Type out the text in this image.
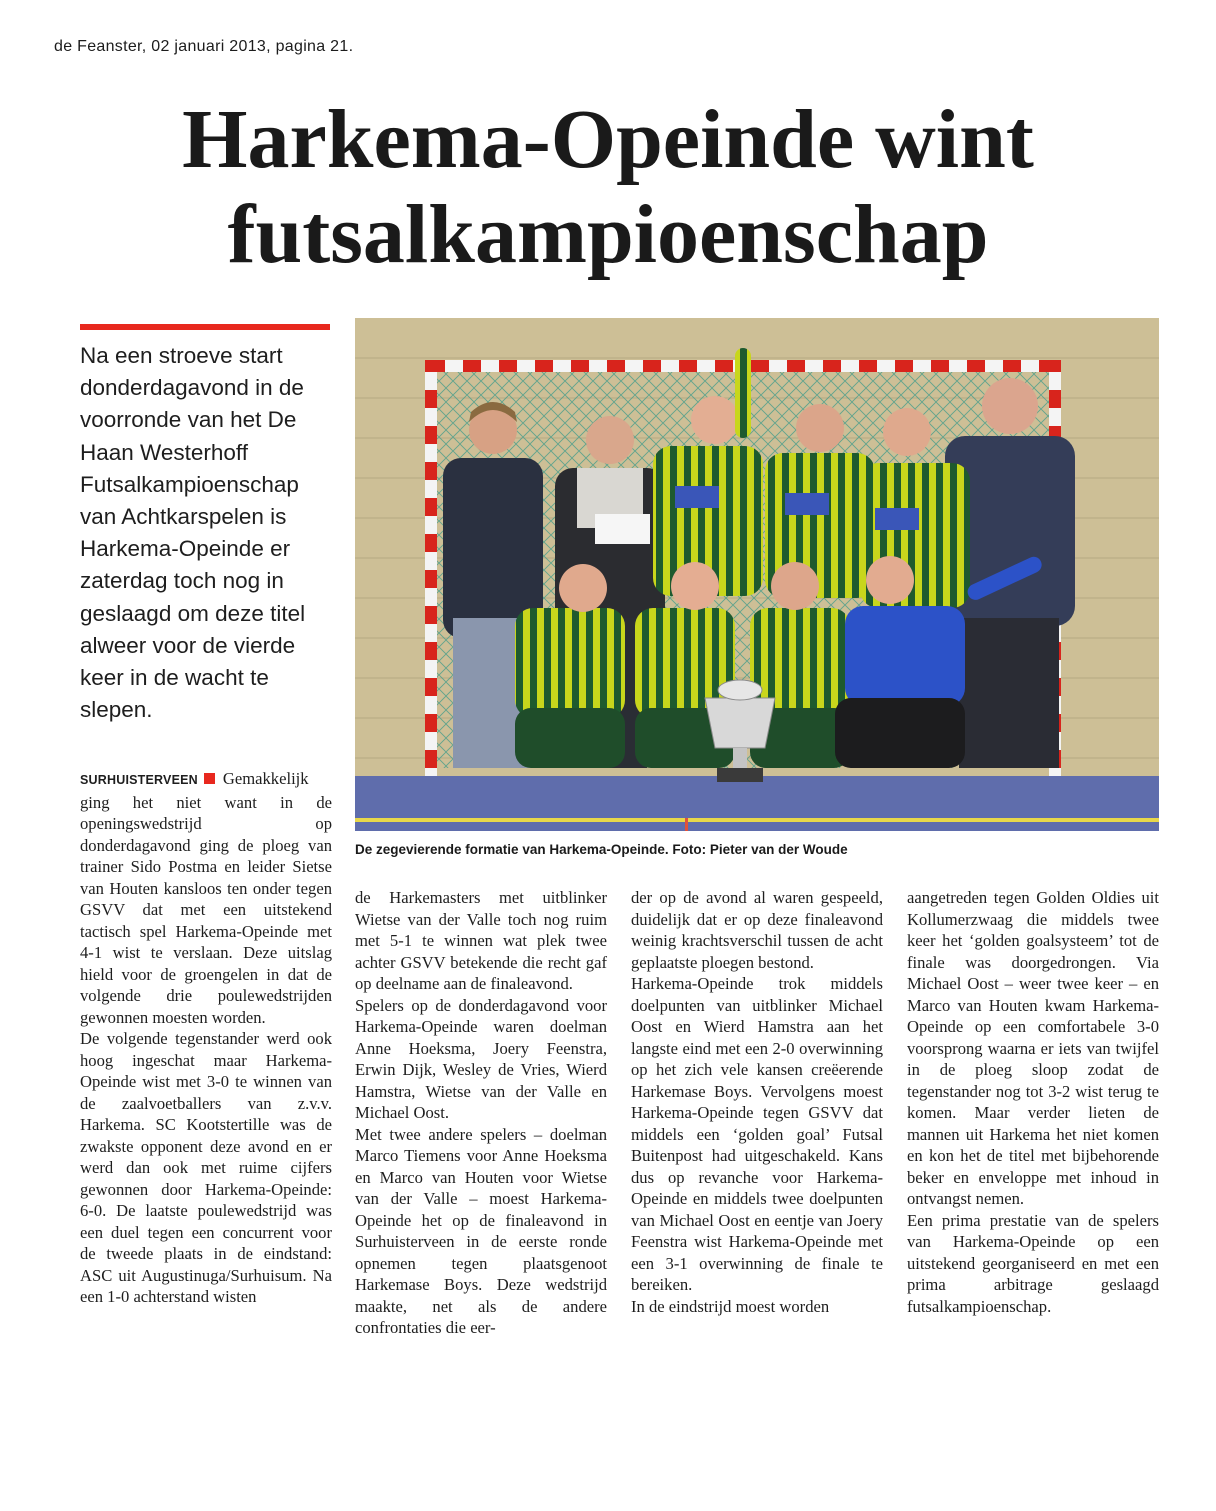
de Feanster, 02 januari 2013, pagina 21.
Harkema-Opeinde wint
futsalkampioenschap
Na een stroeve start donderdagavond in de voorronde van het De Haan Westerhoff Futsalkampioenschap van Achtkarspelen is Harkema-Opeinde er zaterdag toch nog in geslaagd om deze titel alweer voor de vierde keer in de wacht te slepen.
De zegevierende formatie van Harkema-Opeinde. Foto: Pieter van der Woude

SURHUISTERVEEN Gemakkelijk ging het niet want in de openingswedstrijd op donderdagavond ging de ploeg van trainer Sido Postma en leider Sietse van Houten kansloos ten onder tegen GSVV dat met een uitstekend tactisch spel Harkema-Opeinde met 4-1 wist te verslaan. Deze uitslag hield voor de groengelen in dat de volgende drie poulewedstrijden gewonnen moesten worden.

De volgende tegenstander werd ook hoog ingeschat maar Harkema-Opeinde wist met 3-0 te winnen van de zaalvoetballers van z.v.v. Harkema. SC Kootstertille was de zwakste opponent deze avond en er werd dan ook met ruime cijfers gewonnen door Harkema-Opeinde: 6-0. De laatste poulewedstrijd was een duel tegen een concurrent voor de tweede plaats in de eindstand: ASC uit Augustinuga/Surhuisum. Na een 1-0 achterstand wisten

de Harkemasters met uitblinker Wietse van der Valle toch nog ruim met 5-1 te winnen wat plek twee achter GSVV betekende die recht gaf op deelname aan de finaleavond.

Spelers op de donderdagavond voor Harkema-Opeinde waren doelman Anne Hoeksma, Joery Feenstra, Erwin Dijk, Wesley de Vries, Wierd Hamstra, Wietse van der Valle en Michael Oost.

Met twee andere spelers – doelman Marco Tiemens voor Anne Hoeksma en Marco van Houten voor Wietse van der Valle – moest Harkema-Opeinde het op de finaleavond in Surhuisterveen in de eerste ronde opnemen tegen plaatsgenoot Harkemase Boys. Deze wedstrijd maakte, net als de andere confrontaties die eer-

der op de avond al waren gespeeld, duidelijk dat er op deze finaleavond weinig krachtsverschil tussen de acht geplaatste ploegen bestond.

Harkema-Opeinde trok middels doelpunten van uitblinker Michael Oost en Wierd Hamstra aan het langste eind met een 2-0 overwinning op het zich vele kansen creëerende Harkemase Boys. Vervolgens moest Harkema-Opeinde tegen GSVV dat middels een ‘golden goal’ Futsal Buitenpost had uitgeschakeld. Kans dus op revanche voor Harkema-Opeinde en middels twee doelpunten van Michael Oost en eentje van Joery Feenstra wist Harkema-Opeinde met een 3-1 overwinning de finale te bereiken.

In de eindstrijd moest worden

aangetreden tegen Golden Oldies uit Kollumerzwaag die middels twee keer het ‘golden goalsysteem’ tot de finale was doorgedrongen. Via Michael Oost – weer twee keer – en Marco van Houten kwam Harkema-Opeinde op een comfortabele 3-0 voorsprong waarna er iets van twijfel in de ploeg sloop zodat de tegenstander nog tot 3-2 wist terug te komen. Maar verder lieten de mannen uit Harkema het niet komen en kon het de titel met bijbehorende beker en enveloppe met inhoud in ontvangst nemen.

Een prima prestatie van de spelers van Harkema-Opeinde op een uitstekend georganiseerd en met een prima arbitrage geslaagd futsalkampioenschap.
